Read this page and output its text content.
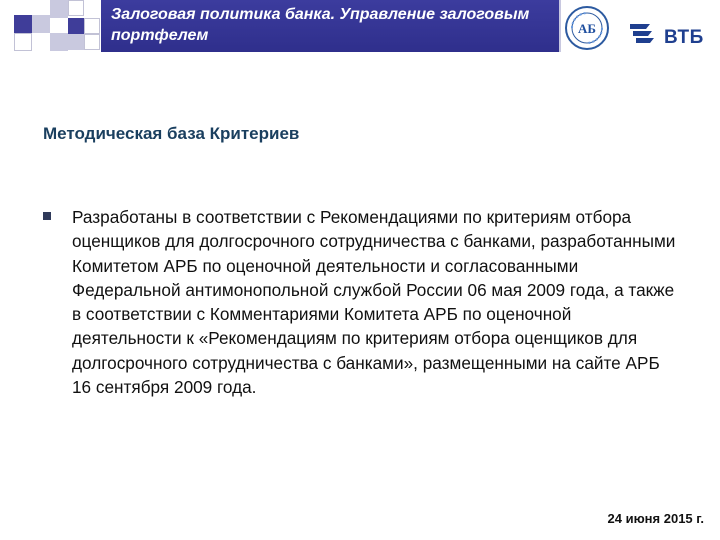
Залоговая политика банка. Управление залоговым портфелем	АБ	ВТБ
Методическая база Критериев

Разработаны в соответствии с Рекомендациями по критериям отбора оценщиков для долгосрочного сотрудничества с банками, разработанными Комитетом АРБ по оценочной деятельности и согласованными Федеральной антимонопольной службой России 06 мая 2009 года, а также в соответствии с Комментариями Комитета АРБ по оценочной деятельности к «Рекомендациям по критериям отбора оценщиков для долгосрочного сотрудничества с банками», размещенными на сайте АРБ 16 сентября 2009 года.

24 июня 2015 г.
